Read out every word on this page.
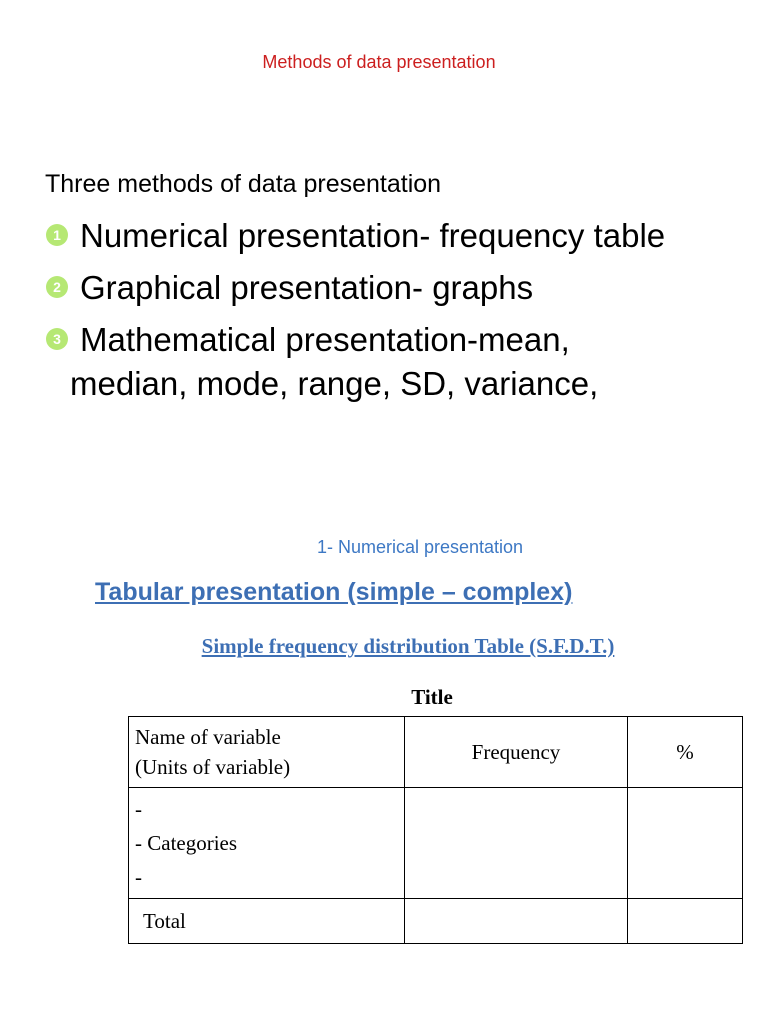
Methods of data presentation
Three methods of data presentation
1 Numerical presentation- frequency table
2 Graphical presentation- graphs
3 Mathematical presentation-mean,
median, mode, range, SD, variance,
1- Numerical presentation
Tabular presentation (simple – complex)
Simple frequency distribution Table (S.F.D.T.)
Title
Name of variable
(Units of variable)	Frequency	%

-
- Categories
-		

Total		
